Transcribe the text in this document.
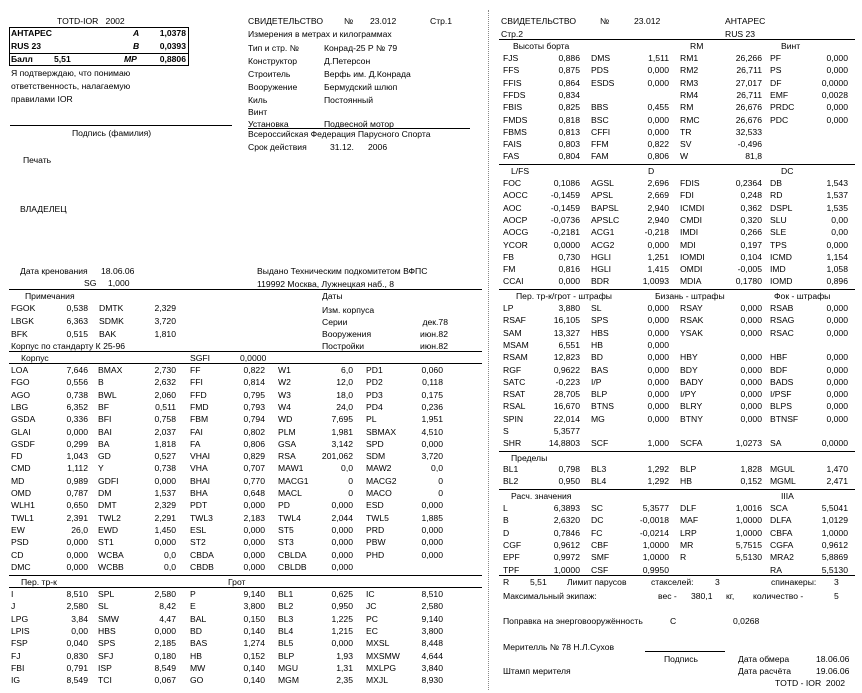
TOTD-IOR   2002
АНТАРЕС	A	1,0378
RUS 23	B	0,0393
Балл 5,51	MP	0,8806
Я подтверждаю, что понимаю
ответственность, налагаемую
правилами IOR
Подпись (фамилия)
Печать
ВЛАДЕЛЕЦ
СВИДЕТЕЛЬСТВО № 23.012	Стр.1
Измерения в метрах и килограммах
Тип и стр. №	Конрад-25 Р № 79
Конструктор	Д.Петерсон
Строитель	Верфь им. Д.Конрада
Вооружение	Бермудский шлюп
Киль	Постоянный
Винт
Установка	Подвесной мотор
Всероссийская Федерация Парусного Спорта
Срок действия	31.12. 2006
Дата кренования 18.06.06
SG 1,000
Выдано Техническим подкомитетом ВФПС
119992 Москва, Лужнецкая наб., 8
Примечания	Даты
FGOK	0,538 DMTK	2,329
LBGK	6,363 SDMK	3,720
BFK	0,515 BAK	1,810
Корпус по стандарту К 25-96
Изм. корпуса
Серии	дек.78
Вооружения	июн.82
Постройки	июн.82
Корпус	SGFI	0,0000
LOA	7,646 BMAX	2,730 FF	0,822 W1	6,0 PD1	0,060
FGO	0,556 B	2,632 FFI	0,814 W2	12,0 PD2	0,118
AGO	0,738 BWL	2,060 FFD	0,795 W3	18,0 PD3	0,175
LBG	6,352 BF	0,511 FMD	0,793 W4	24,0 PD4	0,236
GSDA	0,336 BFI	0,758 FBM	0,794 WD	7,695 PL	1,951
GLAI	0,000 BAI	2,037 FAI	0,802 PLM	1,981 SBMAX	4,510
GSDF	0,299 BA	1,818 FA	0,806 GSA	3,142 SPD	0,000
FD	1,043 GD	0,527 VHAI	0,829 RSA	201,062 SDM	3,720
CMD	1,112 Y	0,738 VHA	0,707 MAW1	0,0 MAW2	0,0
MD	0,989 GDFI	0,000 BHAI	0,770 MACG1	0 MACG2	0
OMD	0,787 DM	1,537 BHA	0,648 MACL	0 MACO	0
WLH1	0,650 DMT	2,329 PDT	0,000 PD	0,000 ESD	0,000
TWL1	2,391 TWL2	2,291 TWL3	2,183 TWL4	2,044 TWL5	1,885
EW	26,0 EWD	1,450 ESL	0,000 ST5	0,000 PRD	0,000
PSD	0,000 ST1	0,000 ST2	0,000 ST3	0,000 PBW	0,000
CD	0,000 WCBA	0,0 CBDA	0,000 CBLDA	0,000 PHD	0,000
DMC	0,000 WCBB	0,0 CBDB	0,000 CBLDB	0,000
Пер. тр-к	Грот
I	8,510 SPL	2,580 P	9,140 BL1	0,625 IC	8,510
J	2,580 SL	8,42 E	3,800 BL2	0,950 JC	2,580
LPG	3,84 SMW	4,47 BAL	0,150 BL3	1,225 PC	9,140
LPIS	0,00 HBS	0,000 BD	0,140 BL4	1,215 EC	3,800
FSP	0,040 SPS	2,185 BAS	1,274 BL5	0,000 MXSL	8,448
FJ	0,830 SFJ	0,180 HB	0,152 BLP	1,93 MXSMW	4,644
FBI	0,791 ISP	8,549 MW	0,140 MGU	1,31 MXLPG	3,840
IG	8,549 TCI	0,067 GO	0,140 MGM	2,35 MXJL	8,930
СВИДЕТЕЛЬСТВО	№	23.012	АНТАРЕС
Стр.2	RUS 23
Высоты борта	RM	Винт
FJS	0,886 DMS	1,511 RM1	26,266 PF	0,000
FFS	0,875 PDS	0,000 RM2	26,711 PS	0,000
FFIS	0,864 ESDS	0,000 RM3	27,017 DF	0,0000
FFDS	0,834	RM4	26,711 EMF	0,0028
FBIS	0,825 BBS	0,455 RM	26,676 PRDC	0,000
FMDS	0,818 BSC	0,000 RMC	26,676 PDC	0,000
FBMS	0,813 CFFI	0,000 TR	32,533
FAIS	0,803 FFM	0,822 SV	-0,496
FAS	0,804 FAM	0,806 W	81,8
L/FS	D	DC
FOC	0,1086 AGSL	2,696 FDIS	0,2364 DB	1,543
AOCC	-0,1459 APSL	2,669 FDI	0,248 RD	1,537
AOC	-0,1459 BAPSL	2,940 ICMDI	0,362 DSPL	1,535
AOCP	-0,0736 APSLC	2,940 CMDI	0,320 SLU	0,00
AOCG	-0,2181 ACG1	-0,218 IMDI	0,266 SLE	0,00
YCOR	0,0000 ACG2	0,000 MDI	0,197 TPS	0,000
FB	0,730 HGLI	1,251 IOMDI	0,104 ICMD	1,154
FM	0,816 HGLI	1,415 OMDI	-0,005 IMD	1,058
CCAI	0,000 BDR	1,0093 MDIA	0,1780 IOMD	0,896
Пер. тр-к/грот - штрафы	Бизань - штрафы	Фок - штрафы
LP	3,880 SL	0,000 RSAY	0,000 RSAB	0,000
RSAF	16,105 SPS	0,000 RSAK	0,000 RSAG	0,000
SAM	13,327 HBS	0,000 YSAK	0,000 RSAC	0,000
MSAM	6,551 HB	0,000
RSAM	12,823 BD	0,000 HBY	0,000 HBF	0,000
RGF	0,9622 BAS	0,000 BDY	0,000 BDF	0,000
SATC	-0,223 I/P	0,000 BADY	0,000 BADS	0,000
RSAT	28,705 BLP	0,000 I/PY	0,000 I/PSF	0,000
RSAL	16,670 BTNS	0,000 BLRY	0,000 BLPS	0,000
SPIN	22,014 MG	0,000 BTNY	0,000 BTNSF	0,000
S	5,3577
SHR	14,8803 SCF	1,000 SCFA	1,0273 SA	0,0000
Пределы
BL1	0,798 BL3	1,292 BLP	1,828 MGUL	1,470
BL2	0,950 BL4	1,292 HB	0,152 MGML	2,471
Расч. значения	IIIA
L	6,3893 SC	5,3577 DLF	1,0016 SCA	5,5041
B	2,6320 DC	-0,0018 MAF	1,0000 DLFA	1,0129
D	0,7846 FC	-0,0214 LRP	1,0000 CBFA	1,0000
CGF	0,9612 CBF	1,0000 MR	5,7515 CGFA	0,9612
EPF	0,9972 SMF	1,0000 R	5,5130 MRA2	5,8869
TPF	1,0000 CSF	0,9950	RA	5,5130
R 5,51 Лимит парусов	стакселей: 3	спинакеры: 3
Максимальный экипаж:	вес - 380,1 кг, количество -	5
Поправка на энерговооружённость	C	0,0268
Мерителль № 78 Н.Л.Сухов
Подпись	Дата обмера	18.06.06
Штамп мерителя	Дата расчёта	19.06.06
TOTD - IOR  2002
